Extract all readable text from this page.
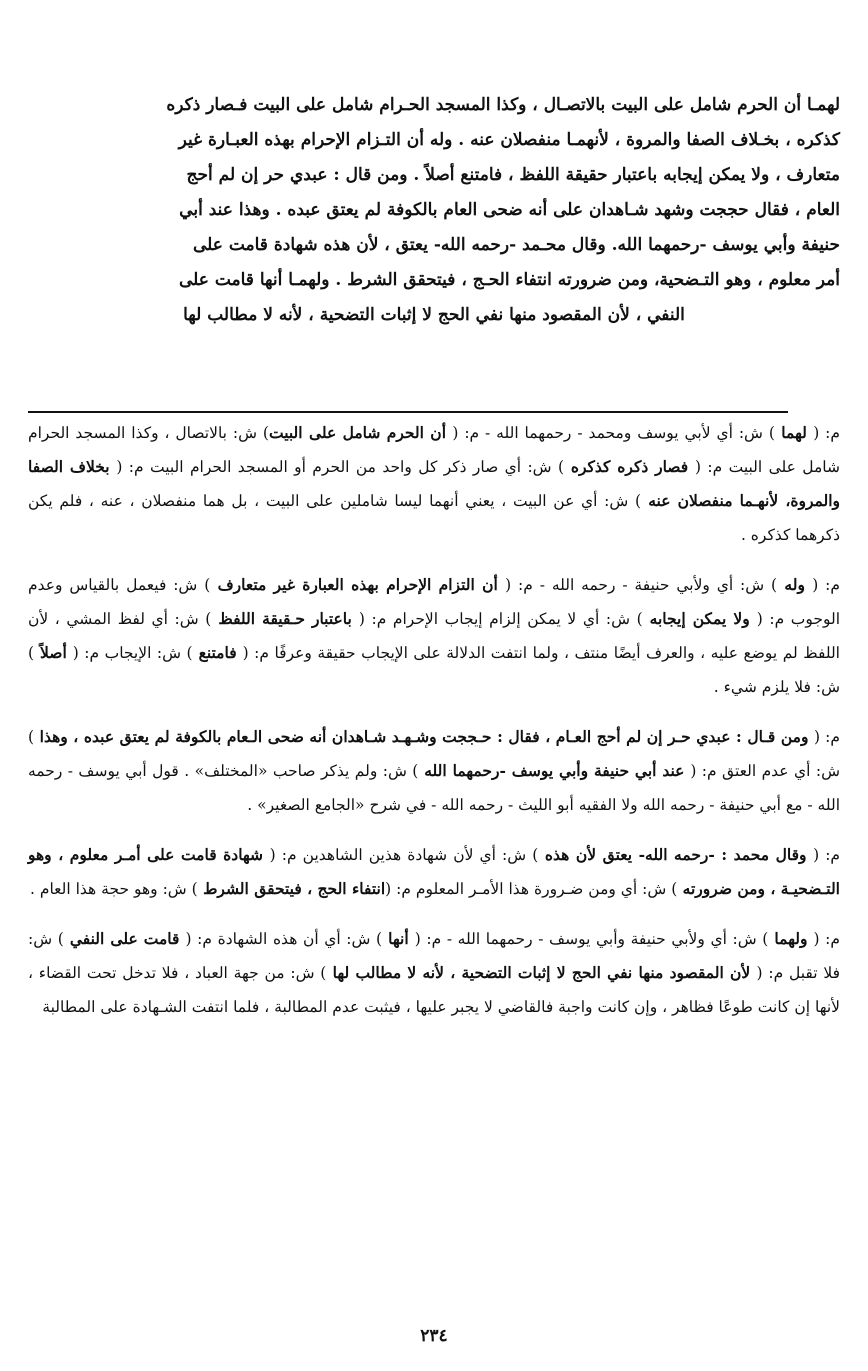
لهمـا أن الحرم شامل على البيت بالاتصـال ، وكذا المسجد الحـرام شامل على البيت فـصار ذكره

كذكره ، بخـلاف الصفا والمروة ، لأنهمـا منفصلان عنه . وله أن التـزام الإحرام بهذه العبـارة غير

متعارف ، ولا يمكن إيجابه باعتبار حقيقة اللفظ ، فامتنع أصلاً . ومن قال : عبدي حر إن لم أحج

العام ، فقال حججت وشهد شـاهدان على أنه ضحى العام بالكوفة لم يعتق عبده . وهذا عند أبي

حنيفة وأبي يوسف -رحمهما الله. وقال محـمد -رحمه الله- يعتق ، لأن هذه شهادة قامت على

أمر معلوم ، وهو التـضحية، ومن ضرورته انتفاء الحـج ، فيتحقق الشرط . ولهمـا أنها قامت على

النفي ، لأن المقصود منها نفي الحج لا إثبات التضحية ، لأنه لا مطالب لها

م: ( لهما ) ش: أي لأبي يوسف ومحمد - رحمهما الله - م: ( أن الحرم شامل على البيت) ش: بالاتصال ، وكذا المسجد الحرام شامل على البيت م: ( فصار ذكره كذكره ) ش: أي صار ذكر كل واحد من الحرم أو المسجد الحرام البيت م: ( بخلاف الصفا والمروة، لأنهـما منفصلان عنه ) ش: أي عن البيت ، يعني أنهما ليسا شاملين على البيت ، بل هما منفصلان ، عنه ، فلم يكن ذكرهما كذكره .

م: ( وله ) ش: أي ولأبي حنيفة - رحمه الله - م: ( أن التزام الإحرام بهذه العبارة غير متعارف ) ش: فيعمل بالقياس وعدم الوجوب م: ( ولا يمكن إيجابه ) ش: أي لا يمكن إلزام إيجاب الإحرام م: ( باعتبار حـقيقة اللفظ ) ش: أي لفظ المشي ، لأن اللفظ لم يوضع عليه ، والعرف أيضًا منتف ، ولما انتفت الدلالة على الإيجاب حقيقة وعرفًا م: ( فامتنع ) ش: الإيجاب م: ( أصلاً ) ش: فلا يلزم شيء .

م: ( ومن قـال : عبدي حـر إن لم أحج العـام ، فقال : حـججت وشـهـد شـاهدان أنه ضحى الـعام بالكوفة لم يعتق عبده ، وهذا ) ش: أي عدم العتق م: ( عند أبي حنيفة وأبي يوسف -رحمهما الله ) ش: ولم يذكر صاحب «المختلف» . قول أبي يوسف - رحمه الله - مع أبي حنيفة - رحمه الله ولا الفقيه أبو الليث - رحمه الله - في شرح «الجامع الصغير» .

م: ( وقال محمد : -رحمه الله- يعتق لأن هذه ) ش: أي لأن شهادة هذين الشاهدين م: ( شهادة قامت على أمـر معلوم ، وهو التـضحيـة ، ومن ضرورته ) ش: أي ومن ضـرورة هذا الأمـر المعلوم م: (انتفاء الحج ، فيتحقق الشرط ) ش: وهو حجة هذا العام .

م: ( ولهما ) ش: أي ولأبي حنيفة وأبي يوسف - رحمهما الله - م: ( أنها ) ش: أي أن هذه الشهادة م: ( قامت على النفي ) ش: فلا تقبل م: ( لأن المقصود منها نفي الحج لا إثبات التضحية ، لأنه لا مطالب لها ) ش: من جهة العباد ، فلا تدخل تحت القضاء ، لأنها إن كانت طوعًا فظاهر ، وإن كانت واجبة فالقاضي لا يجبر عليها ، فيثبت عدم المطالبة ، فلما انتفت الشـهادة على المطالبة

٢٣٤
